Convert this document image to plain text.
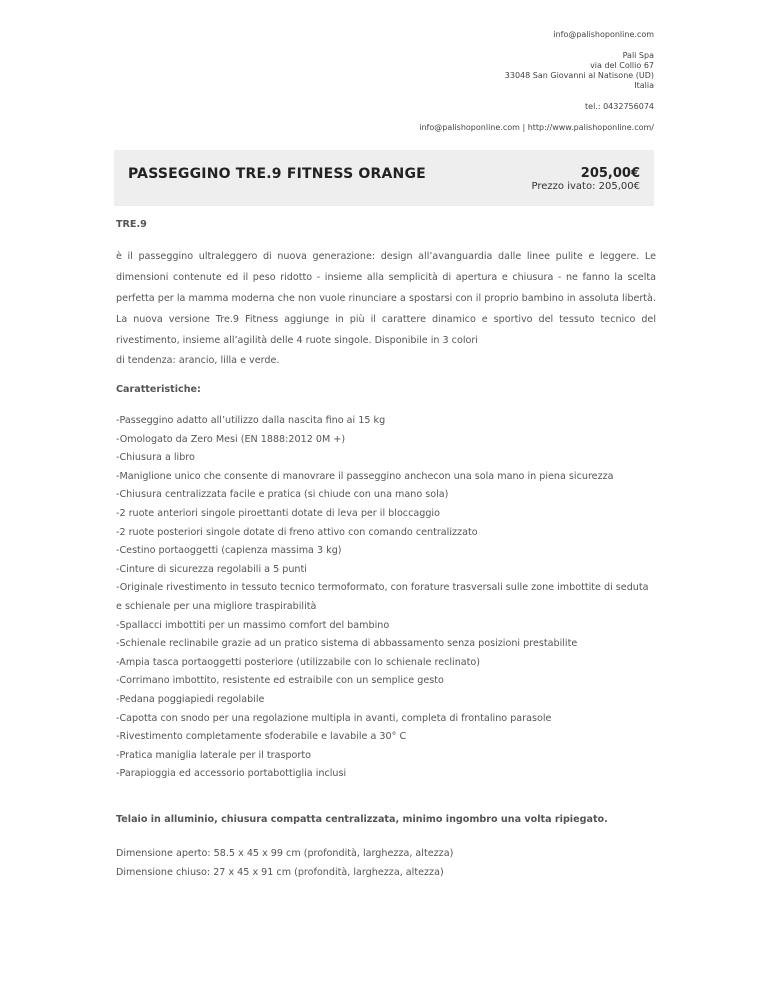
info@palishoponline.com
Pali Spa
via del Collio 67
33048 San Giovanni al Natisone (UD)
Italia
tel.: 0432756074
info@palishoponline.com | http://www.palishoponline.com/
PASSEGGINO TRE.9 FITNESS ORANGE	205,00€
Prezzo ivato: 205,00€

TRE.9

è il passeggino ultraleggero di nuova generazione: design all’avanguardia dalle linee pulite e leggere. Le dimensioni contenute ed il peso ridotto - insieme alla semplicità di apertura e chiusura - ne fanno la scelta perfetta per la mamma moderna che non vuole rinunciare a spostarsi con il proprio bambino in assoluta libertà. La nuova versione Tre.9 Fitness aggiunge in più il carattere dinamico e sportivo del tessuto tecnico del rivestimento, insieme all’agilità delle 4 ruote singole. Disponibile in 3 colori

di tendenza: arancio, lilla e verde.

Caratteristiche:

-Passeggino adatto all’utilizzo dalla nascita fino ai 15 kg

-Omologato da Zero Mesi (EN 1888:2012 0M +)

-Chiusura a libro

-Maniglione unico che consente di manovrare il passeggino anchecon una sola mano in piena sicurezza

-Chiusura centralizzata facile e pratica (si chiude con una mano sola)

-2 ruote anteriori singole piroettanti dotate di leva per il bloccaggio

-2 ruote posteriori singole dotate di freno attivo con comando centralizzato

-Cestino portaoggetti (capienza massima 3 kg)

-Cinture di sicurezza regolabili a 5 punti

-Originale rivestimento in tessuto tecnico termoformato, con forature trasversali sulle zone imbottite di seduta e schienale per una migliore traspirabilità

-Spallacci imbottiti per un massimo comfort del bambino

-Schienale reclinabile grazie ad un pratico sistema di abbassamento senza posizioni prestabilite

-Ampia tasca portaoggetti posteriore (utilizzabile con lo schienale reclinato)

-Corrimano imbottito, resistente ed estraibile con un semplice gesto

-Pedana poggiapiedi regolabile

-Capotta con snodo per una regolazione multipla in avanti, completa di frontalino parasole

-Rivestimento completamente sfoderabile e lavabile a 30° C

-Pratica maniglia laterale per il trasporto

-Parapioggia ed accessorio portabottiglia inclusi

Telaio in alluminio, chiusura compatta centralizzata, minimo ingombro una volta ripiegato.

Dimensione aperto: 58.5 x 45 x 99 cm (profondità, larghezza, altezza)

Dimensione chiuso: 27 x 45 x 91 cm (profondità, larghezza, altezza)
